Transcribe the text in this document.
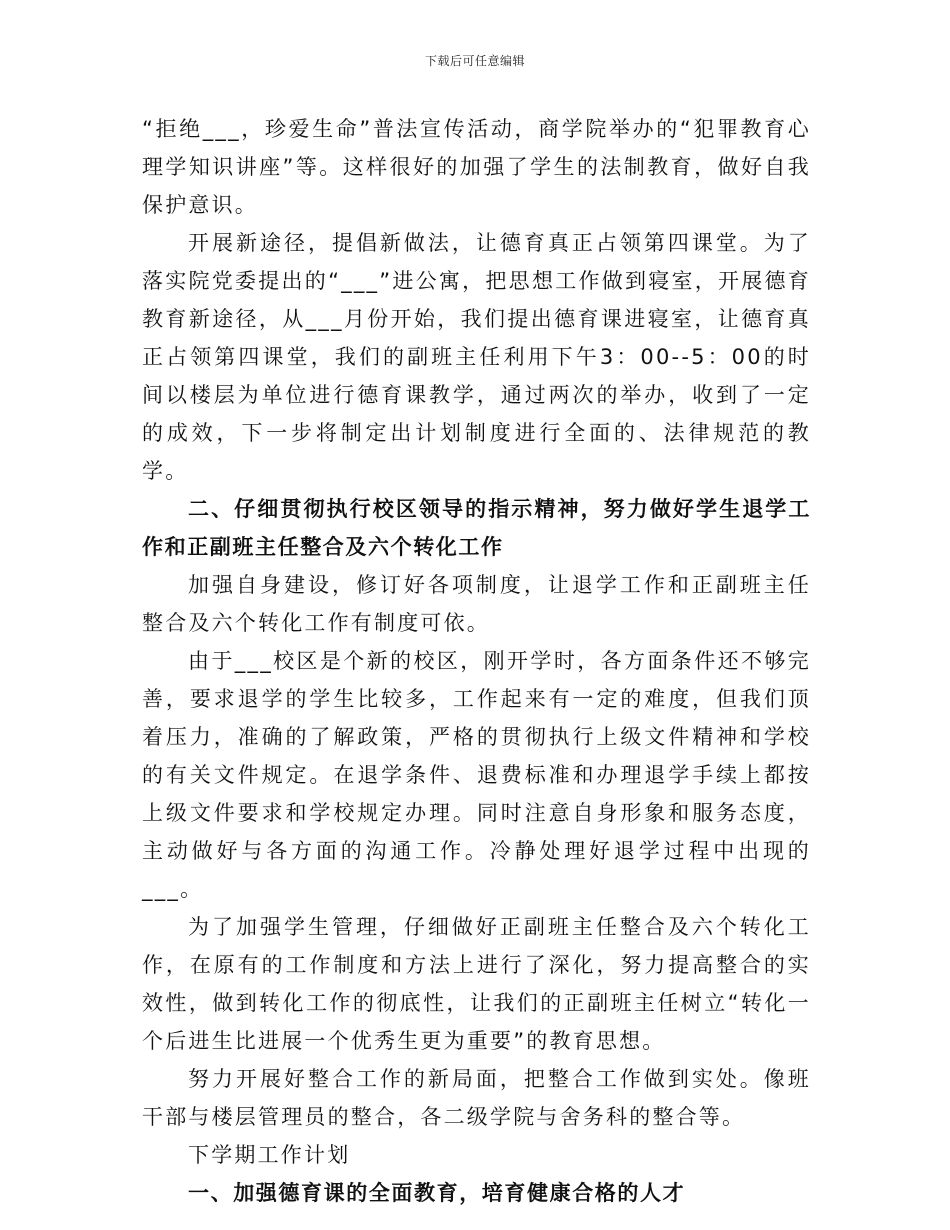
下载后可任意编辑

“拒绝___，珍爱生命”普法宣传活动，商学院举办的“犯罪教育心理学知识讲座”等。这样很好的加强了学生的法制教育，做好自我保护意识。

开展新途径，提倡新做法，让德育真正占领第四课堂。为了落实院党委提出的“___”进公寓，把思想工作做到寝室，开展德育教育新途径，从___月份开始，我们提出德育课进寝室，让德育真正占领第四课堂，我们的副班主任利用下午3：00--5：00的时间以楼层为单位进行德育课教学，通过两次的举办，收到了一定的成效，下一步将制定出计划制度进行全面的、法律规范的教学。

二、仔细贯彻执行校区领导的指示精神，努力做好学生退学工作和正副班主任整合及六个转化工作

加强自身建设，修订好各项制度，让退学工作和正副班主任整合及六个转化工作有制度可依。

由于___校区是个新的校区，刚开学时，各方面条件还不够完善，要求退学的学生比较多，工作起来有一定的难度，但我们顶着压力，准确的了解政策，严格的贯彻执行上级文件精神和学校的有关文件规定。在退学条件、退费标准和办理退学手续上都按上级文件要求和学校规定办理。同时注意自身形象和服务态度，主动做好与各方面的沟通工作。冷静处理好退学过程中出现的___。

为了加强学生管理，仔细做好正副班主任整合及六个转化工作，在原有的工作制度和方法上进行了深化，努力提高整合的实效性，做到转化工作的彻底性，让我们的正副班主任树立“转化一个后进生比进展一个优秀生更为重要”的教育思想。

努力开展好整合工作的新局面，把整合工作做到实处。像班干部与楼层管理员的整合，各二级学院与舍务科的整合等。

下学期工作计划

一、加强德育课的全面教育，培育健康合格的人才
